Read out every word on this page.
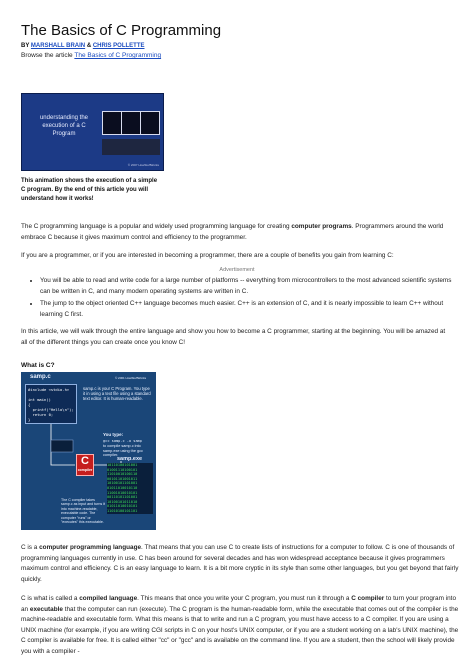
The Basics of C Programming
BY MARSHALL BRAIN & CHRIS POLLETTE
Browse the article The Basics of C Programming
understanding the execution of a C Program
© 2007 HowStuffWorks
This animation shows the execution of a simple C program. By the end of this article you will understand how it works!
The C programming language is a popular and widely used programming language for creating computer programs. Programmers around the world embrace C because it gives maximum control and efficiency to the programmer.
If you are a programmer, or if you are interested in becoming a programmer, there are a couple of benefits you gain from learning C:
Advertisement
• You will be able to read and write code for a large number of platforms -- everything from microcontrollers to the most advanced scientific systems can be written in C, and many modern operating systems are written in C.
• The jump to the object oriented C++ language becomes much easier. C++ is an extension of C, and it is nearly impossible to learn C++ without learning C first.
In this article, we will walk through the entire language and show you how to become a C programmer, starting at the beginning. You will be amazed at all of the different things you can create once you know C!
What is C?
samp.c	© 2001 HowStuffWorks
#include <stdio.h>

int main()
{
printf("Hello\n");
return 0;
}
samp.c is your C Program. You type it in using a text file using a standard text editor. It is human-readable.
You type:
gcc samp.c -o samp
to compile samp.c into samp.exe using the gcc compiler.
C
compiler
samp.exe
10110100101001
01001110100101
11010010100110
00101101001011
10100101101001
01011010010110
11001010010101
00110101101001
10100101011010
01011010010101
11010100101101
The C compiler takes samp.c as input and turns it into machine-readable, executable code. The computer "runs" or "executes" this executable.
C is a computer programming language. That means that you can use C to create lists of instructions for a computer to follow. C is one of thousands of programming languages currently in use. C has been around for several decades and has won widespread acceptance because it gives programmers maximum control and efficiency. C is an easy language to learn. It is a bit more cryptic in its style than some other languages, but you get beyond that fairly quickly.
C is what is called a compiled language. This means that once you write your C program, you must run it through a C compiler to turn your program into an executable that the computer can run (execute). The C program is the human-readable form, while the executable that comes out of the compiler is the machine-readable and executable form. What this means is that to write and run a C program, you must have access to a C compiler. If you are using a UNIX machine (for example, if you are writing CGI scripts in C on your host's UNIX computer, or if you are a student working on a lab's UNIX machine), the C compiler is available for free. It is called either "cc" or "gcc" and is available on the command line. If you are a student, then the school will likely provide you with a compiler -
